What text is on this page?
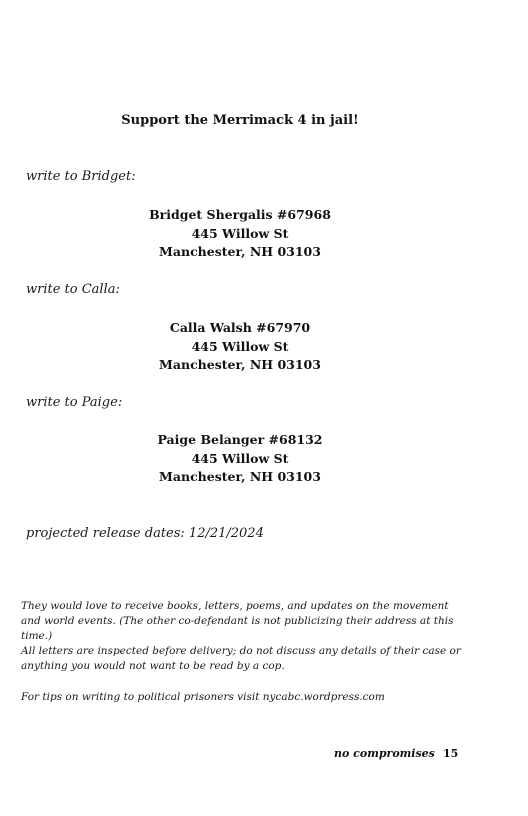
Support the Merrimack 4 in jail!
write to Bridget:
Bridget Shergalis #67968
445 Willow St
Manchester, NH 03103
write to Calla:
Calla Walsh #67970
445 Willow St
Manchester, NH 03103
write to Paige:
Paige Belanger #68132
445 Willow St
Manchester, NH 03103
projected release dates: 12/21/2024
They would love to receive books, letters, poems, and updates on the movement and world events. (The other co-defendant is not publicizing their address at this time.)
All letters are inspected before delivery; do not discuss any details of their case or anything you would not want to be read by a cop.
For tips on writing to political prisoners visit nycabc.wordpress.com
no compromises 15
